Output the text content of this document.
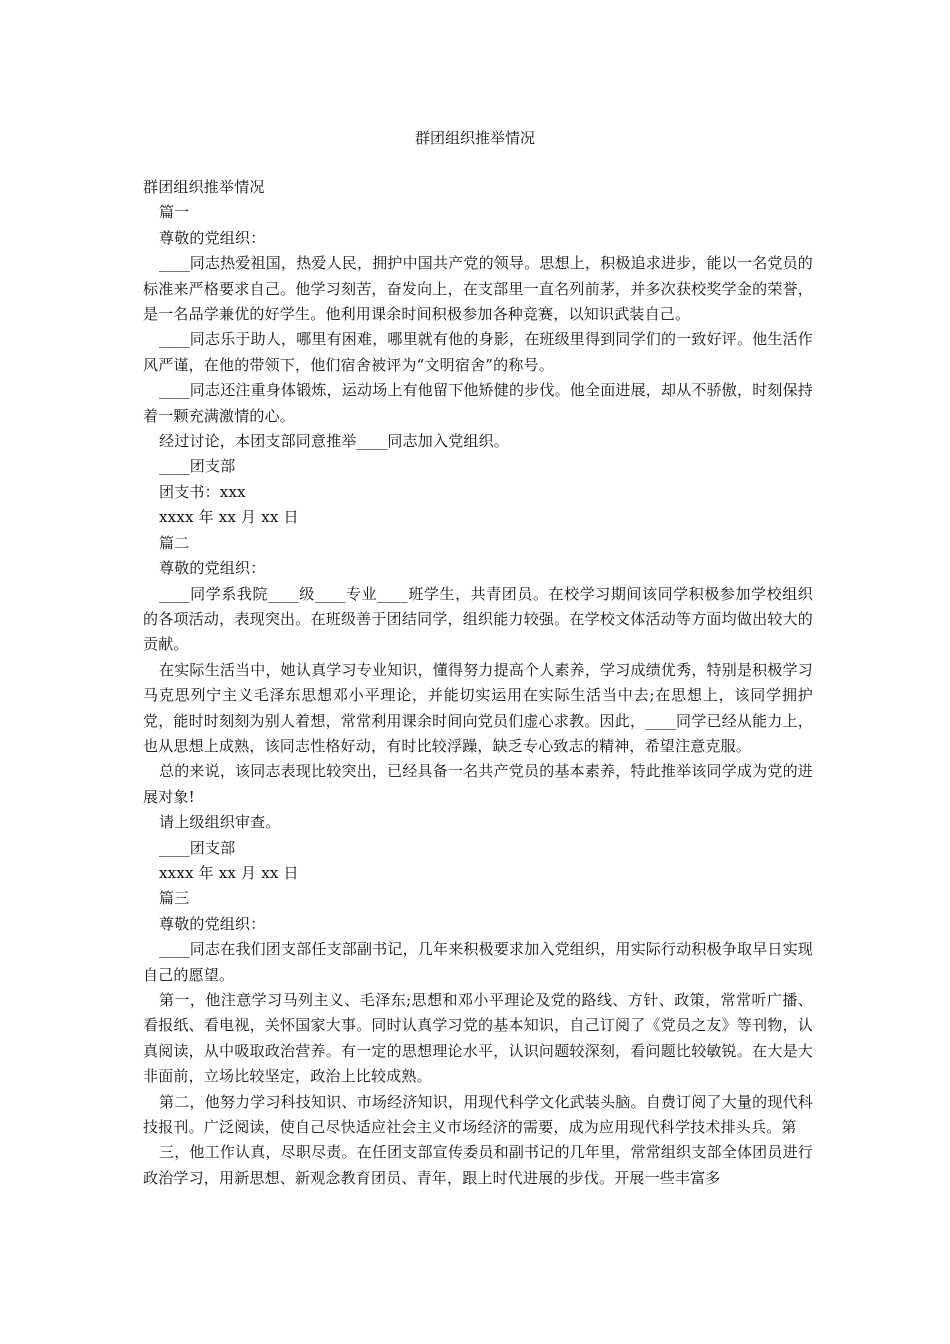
群团组织推举情况

群团组织推举情况

篇一

尊敬的党组织：

____同志热爱祖国，热爱人民，拥护中国共产党的领导。思想上，积极追求进步，能以一名党员的标准来严格要求自己。他学习刻苦，奋发向上，在支部里一直名列前茅，并多次获校奖学金的荣誉，是一名品学兼优的好学生。他利用课余时间积极参加各种竞赛，以知识武装自己。

____同志乐于助人，哪里有困难，哪里就有他的身影，在班级里得到同学们的一致好评。他生活作风严谨，在他的带领下，他们宿舍被评为“文明宿舍”的称号。

____同志还注重身体锻炼，运动场上有他留下他矫健的步伐。他全面进展，却从不骄傲，时刻保持着一颗充满激情的心。

经过讨论，本团支部同意推举____同志加入党组织。

____团支部

团支书：xxx

xxxx 年 xx 月 xx 日

篇二

尊敬的党组织：

____同学系我院____级____专业____班学生，共青团员。在校学习期间该同学积极参加学校组织的各项活动，表现突出。在班级善于团结同学，组织能力较强。在学校文体活动等方面均做出较大的贡献。

在实际生活当中，她认真学习专业知识，懂得努力提高个人素养，学习成绩优秀，特别是积极学习马克思列宁主义毛泽东思想邓小平理论，并能切实运用在实际生活当中去;在思想上，该同学拥护党，能时时刻刻为别人着想，常常利用课余时间向党员们虚心求教。因此，____同学已经从能力上，也从思想上成熟，该同志性格好动，有时比较浮躁，缺乏专心致志的精神，希望注意克服。

总的来说，该同志表现比较突出，已经具备一名共产党员的基本素养，特此推举该同学成为党的进展对象!

请上级组织审查。

____团支部

xxxx 年 xx 月 xx 日

篇三

尊敬的党组织：

____同志在我们团支部任支部副书记，几年来积极要求加入党组织，用实际行动积极争取早日实现自己的愿望。

第一，他注意学习马列主义、毛泽东;思想和邓小平理论及党的路线、方针、政策，常常听广播、看报纸、看电视，关怀国家大事。同时认真学习党的基本知识，自己订阅了《党员之友》等刊物，认真阅读，从中吸取政治营养。有一定的思想理论水平，认识问题较深刻，看问题比较敏锐。在大是大非面前，立场比较坚定，政治上比较成熟。

第二，他努力学习科技知识、市场经济知识，用现代科学文化武装头脑。自费订阅了大量的现代科技报刊。广泛阅读，使自己尽快适应社会主义市场经济的需要，成为应用现代科学技术排头兵。第

三，他工作认真，尽职尽责。在任团支部宣传委员和副书记的几年里，常常组织支部全体团员进行政治学习，用新思想、新观念教育团员、青年，跟上时代进展的步伐。开展一些丰富多
